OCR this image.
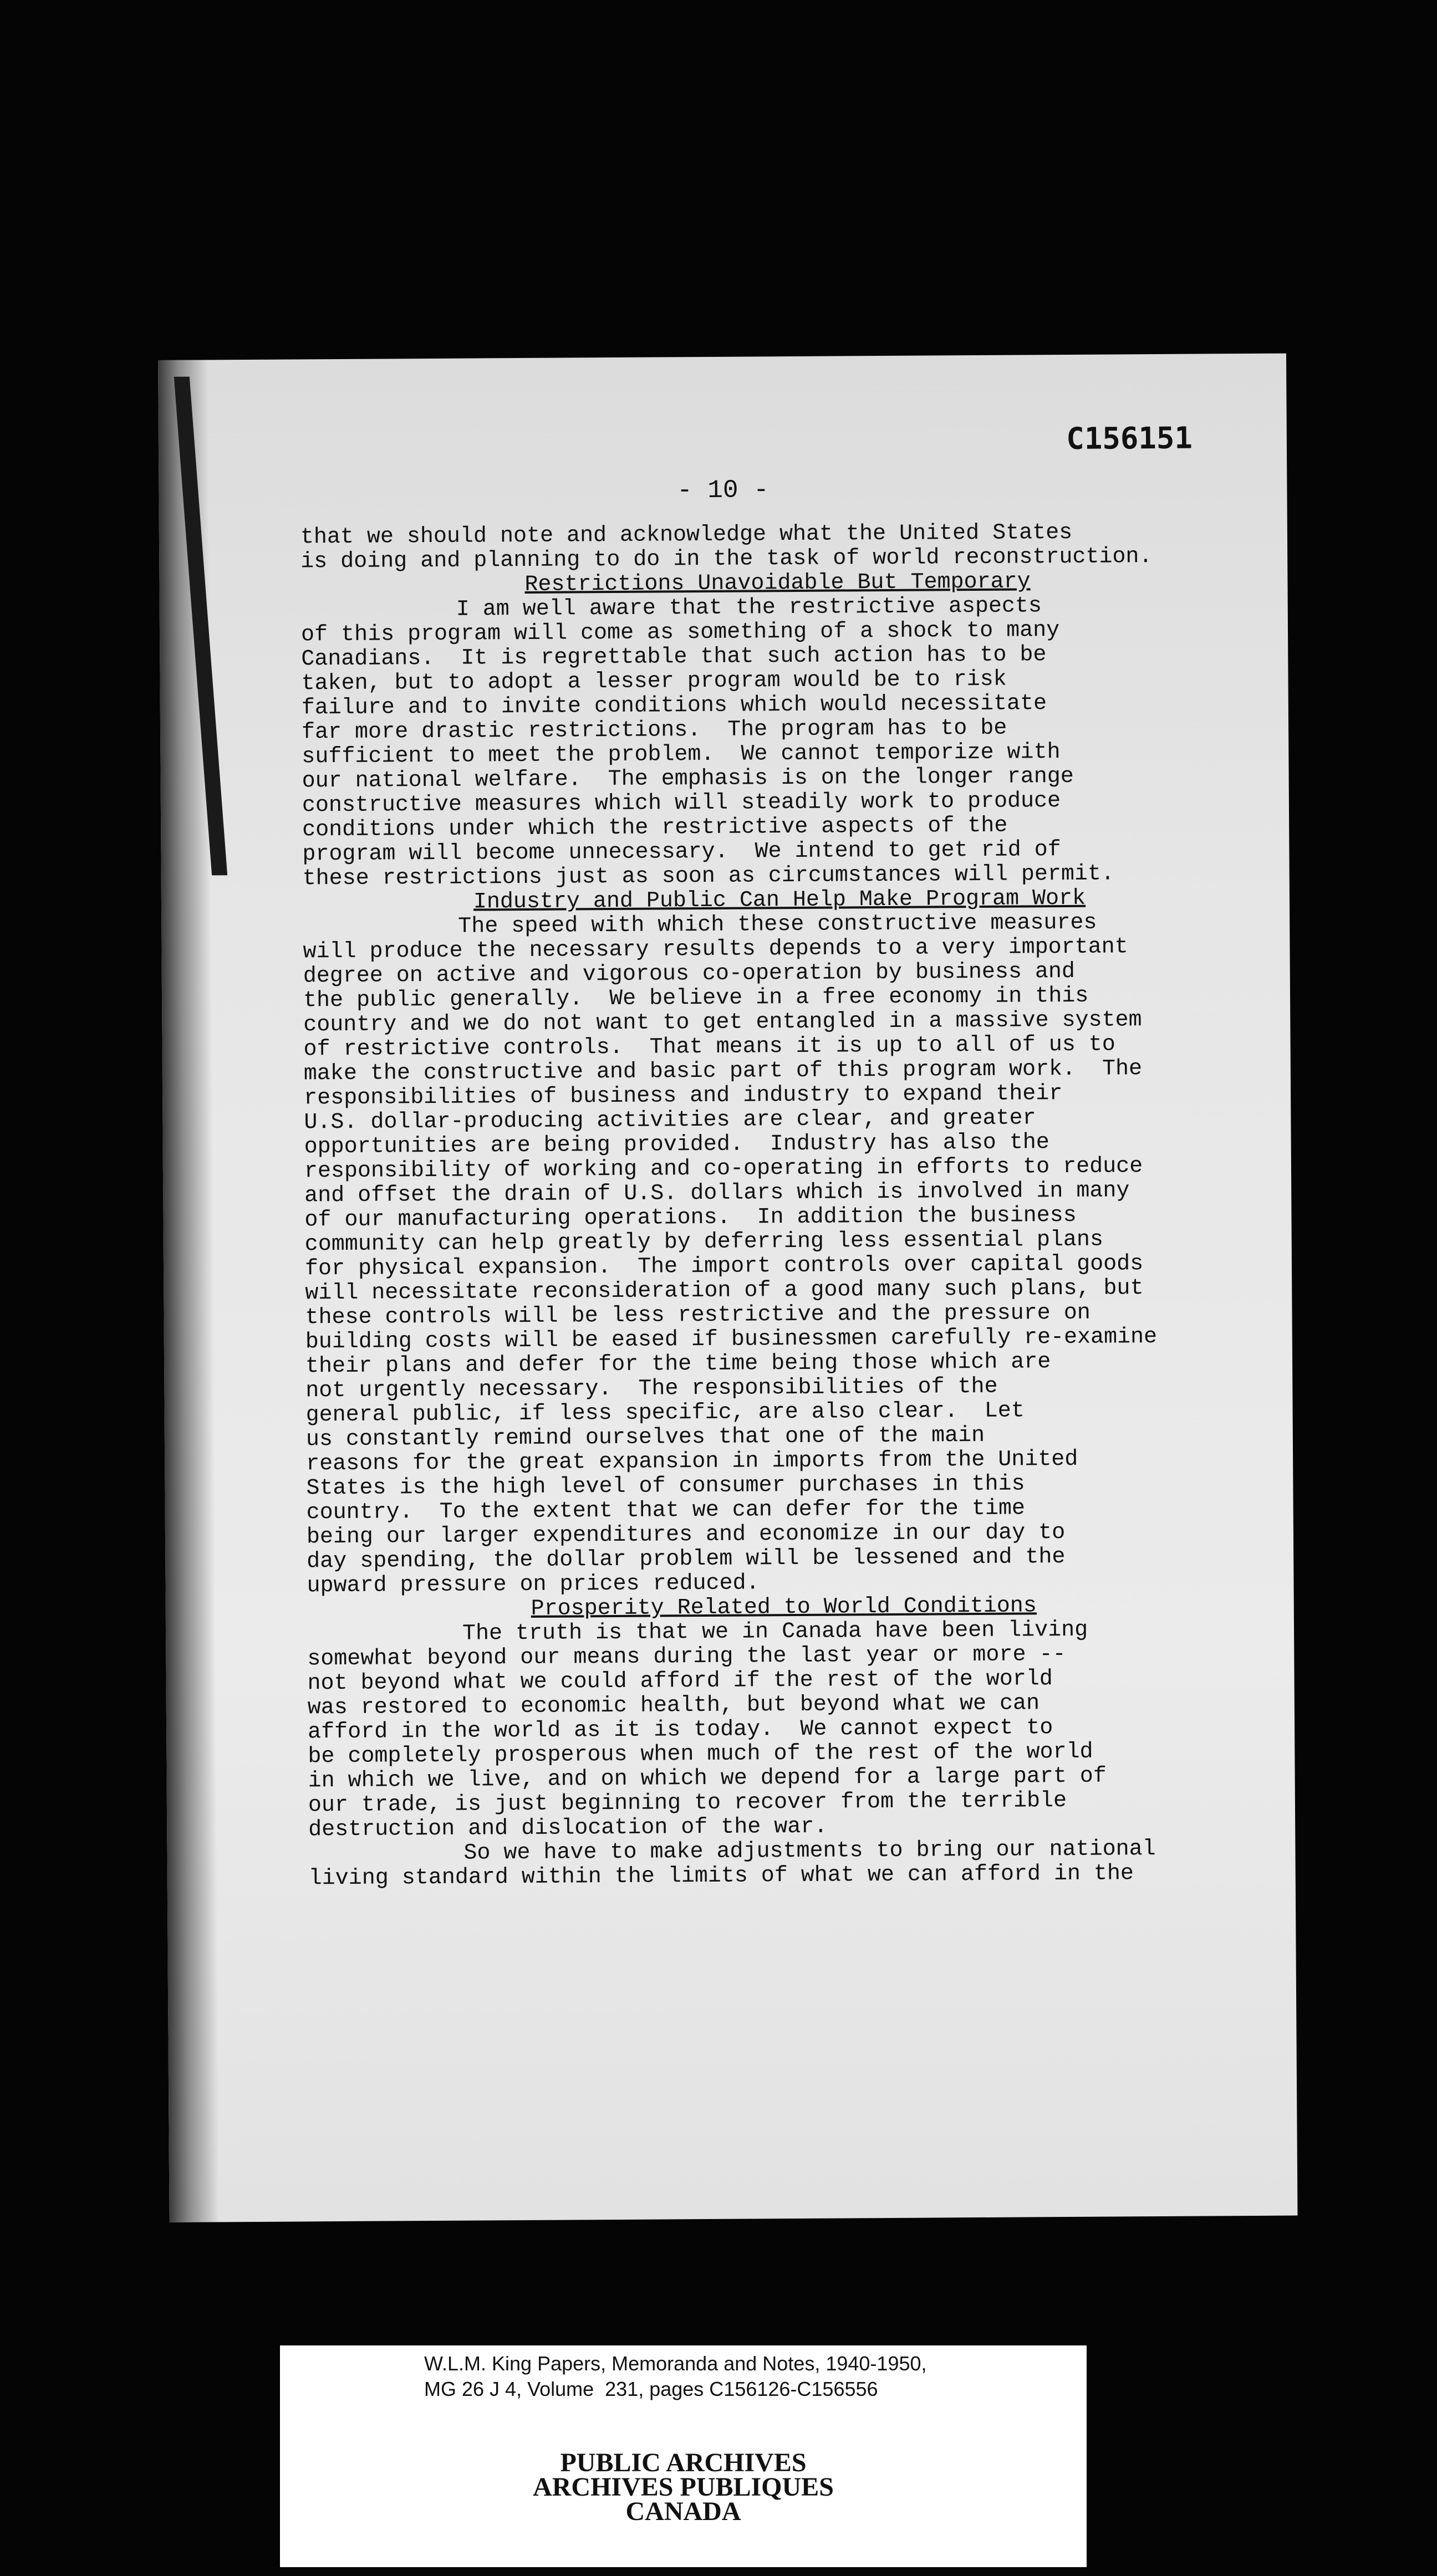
C156151
- 10 -
that we should note and acknowledge what the United States
is doing and planning to do in the task of world reconstruction.
Restrictions Unavoidable But Temporary
I am well aware that the restrictive aspects
of this program will come as something of a shock to many
Canadians.  It is regrettable that such action has to be
taken, but to adopt a lesser program would be to risk
failure and to invite conditions which would necessitate
far more drastic restrictions.  The program has to be
sufficient to meet the problem.  We cannot temporize with
our national welfare.  The emphasis is on the longer range
constructive measures which will steadily work to produce
conditions under which the restrictive aspects of the
program will become unnecessary.  We intend to get rid of
these restrictions just as soon as circumstances will permit.
Industry and Public Can Help Make Program Work
The speed with which these constructive measures
will produce the necessary results depends to a very important
degree on active and vigorous co-operation by business and
the public generally.  We believe in a free economy in this
country and we do not want to get entangled in a massive system
of restrictive controls.  That means it is up to all of us to
make the constructive and basic part of this program work.  The
responsibilities of business and industry to expand their
U.S. dollar-producing activities are clear, and greater
opportunities are being provided.  Industry has also the
responsibility of working and co-operating in efforts to reduce
and offset the drain of U.S. dollars which is involved in many
of our manufacturing operations.  In addition the business
community can help greatly by deferring less essential plans
for physical expansion.  The import controls over capital goods
will necessitate reconsideration of a good many such plans, but
these controls will be less restrictive and the pressure on
building costs will be eased if businessmen carefully re-examine
their plans and defer for the time being those which are
not urgently necessary.  The responsibilities of the
general public, if less specific, are also clear.  Let
us constantly remind ourselves that one of the main
reasons for the great expansion in imports from the United
States is the high level of consumer purchases in this
country.  To the extent that we can defer for the time
being our larger expenditures and economize in our day to
day spending, the dollar problem will be lessened and the
upward pressure on prices reduced.
Prosperity Related to World Conditions
The truth is that we in Canada have been living
somewhat beyond our means during the last year or more --
not beyond what we could afford if the rest of the world
was restored to economic health, but beyond what we can
afford in the world as it is today.  We cannot expect to
be completely prosperous when much of the rest of the world
in which we live, and on which we depend for a large part of
our trade, is just beginning to recover from the terrible
destruction and dislocation of the war.
So we have to make adjustments to bring our national
living standard within the limits of what we can afford in the
W.L.M. King Papers, Memoranda and Notes, 1940-1950,
MG 26 J 4, Volume  231, pages C156126-C156556
PUBLIC ARCHIVES
ARCHIVES PUBLIQUES
CANADA
